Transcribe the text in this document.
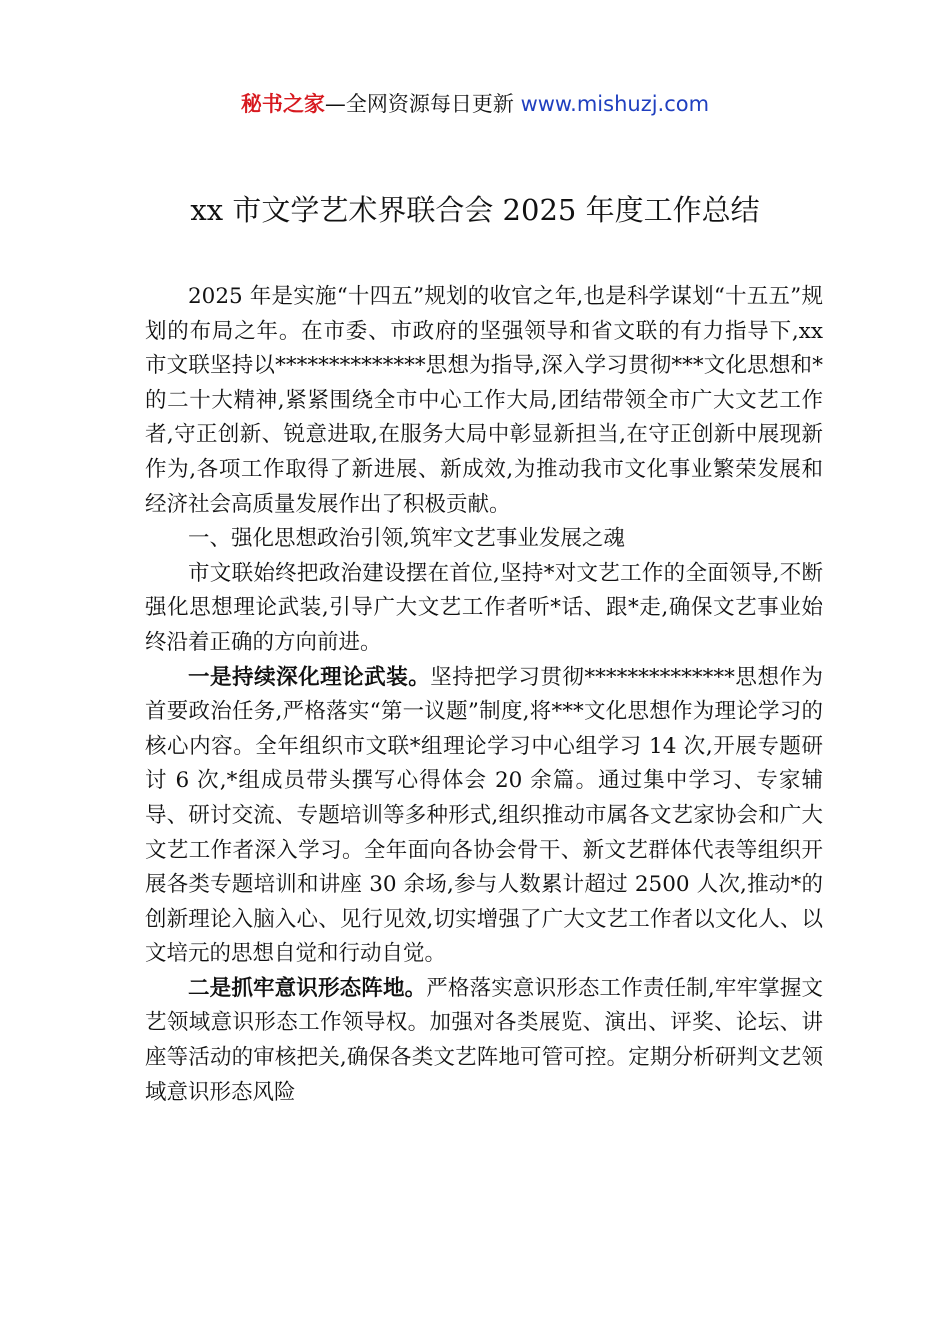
秘书之家—全网资源每日更新 www.mishuzj.com
xx 市文学艺术界联合会 2025 年度工作总结

2025 年是实施“十四五”规划的收官之年,也是科学谋划“十五五”规划的布局之年。在市委、市政府的坚强领导和省文联的有力指导下,xx 市文联坚持以**************思想为指导,深入学习贯彻***文化思想和*的二十大精神,紧紧围绕全市中心工作大局,团结带领全市广大文艺工作者,守正创新、锐意进取,在服务大局中彰显新担当,在守正创新中展现新作为,各项工作取得了新进展、新成效,为推动我市文化事业繁荣发展和经济社会高质量发展作出了积极贡献。

一、强化思想政治引领,筑牢文艺事业发展之魂

市文联始终把政治建设摆在首位,坚持*对文艺工作的全面领导,不断强化思想理论武装,引导广大文艺工作者听*话、跟*走,确保文艺事业始终沿着正确的方向前进。

一是持续深化理论武装。坚持把学习贯彻**************思想作为首要政治任务,严格落实“第一议题”制度,将***文化思想作为理论学习的核心内容。全年组织市文联*组理论学习中心组学习 14 次,开展专题研讨 6 次,*组成员带头撰写心得体会 20 余篇。通过集中学习、专家辅导、研讨交流、专题培训等多种形式,组织推动市属各文艺家协会和广大文艺工作者深入学习。全年面向各协会骨干、新文艺群体代表等组织开展各类专题培训和讲座 30 余场,参与人数累计超过 2500 人次,推动*的创新理论入脑入心、见行见效,切实增强了广大文艺工作者以文化人、以文培元的思想自觉和行动自觉。

二是抓牢意识形态阵地。严格落实意识形态工作责任制,牢牢掌握文艺领域意识形态工作领导权。加强对各类展览、演出、评奖、论坛、讲座等活动的审核把关,确保各类文艺阵地可管可控。定期分析研判文艺领域意识形态风险
